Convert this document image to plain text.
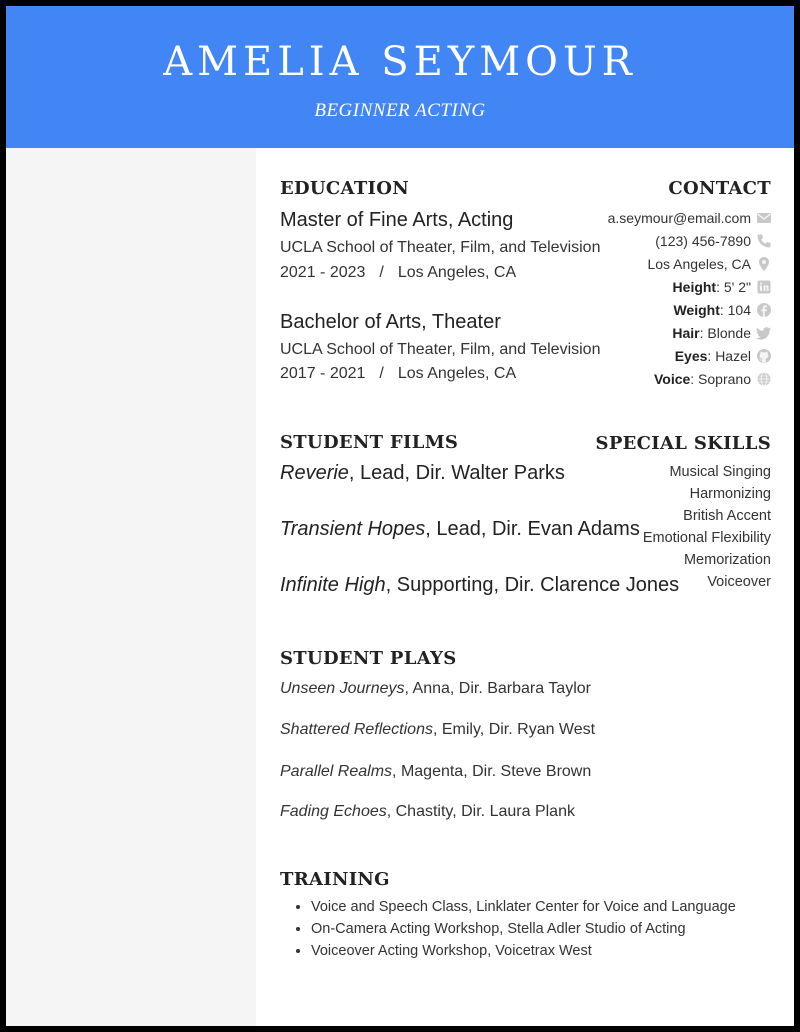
AMELIA SEYMOUR
BEGINNER ACTING
CONTACT
a.seymour@email.com
(123) 456-7890
Los Angeles, CA
Height : 5' 2"
Weight : 104
Hair : Blonde
Eyes : Hazel
Voice : Soprano
SPECIAL SKILLS
Musical Singing
Harmonizing
British Accent
Emotional Flexibility
Memorization
Voiceover
EDUCATION
Master of Fine Arts, Acting
UCLA School of Theater, Film, and Television
2021 - 2023 / Los Angeles, CA
Bachelor of Arts, Theater
UCLA School of Theater, Film, and Television
2017 - 2021 / Los Angeles, CA
STUDENT FILMS
Reverie, Lead, Dir. Walter Parks
Transient Hopes, Lead, Dir. Evan Adams
Infinite High, Supporting, Dir. Clarence Jones
STUDENT PLAYS
Unseen Journeys, Anna, Dir. Barbara Taylor
Shattered Reflections, Emily, Dir. Ryan West
Parallel Realms, Magenta, Dir. Steve Brown
Fading Echoes, Chastity, Dir. Laura Plank
TRAINING
• Voice and Speech Class, Linklater Center for Voice and Language
• On-Camera Acting Workshop, Stella Adler Studio of Acting
• Voiceover Acting Workshop, Voicetrax West
